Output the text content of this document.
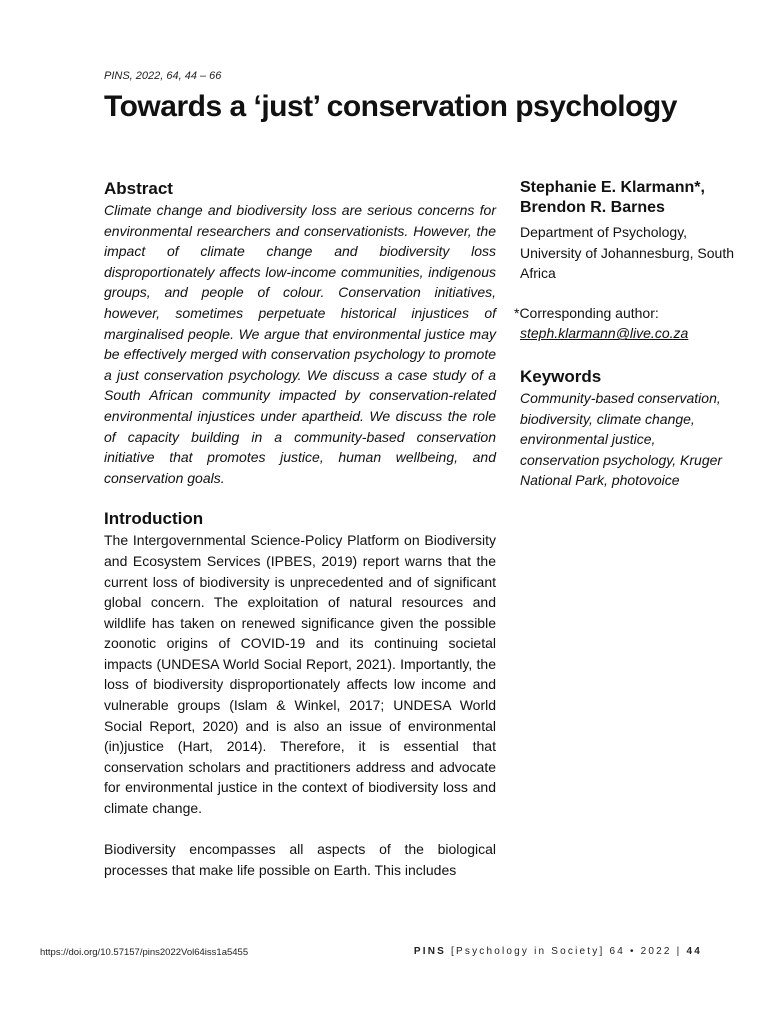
PINS, 2022, 64, 44 – 66
Towards a ‘just’ conservation psychology
Abstract

Climate change and biodiversity loss are serious concerns for environmental researchers and conservationists. However, the impact of climate change and biodiversity loss disproportionately affects low-income communities, indigenous groups, and people of colour. Conservation initiatives, however, sometimes perpetuate historical injustices of marginalised people. We argue that environmental justice may be effectively merged with conservation psychology to promote a just conservation psychology. We discuss a case study of a South African community impacted by conservation-related environmental injustices under apartheid. We discuss the role of capacity building in a community-based conservation initiative that promotes justice, human wellbeing, and conservation goals.

Introduction

The Intergovernmental Science-Policy Platform on Biodiversity and Ecosystem Services (IPBES, 2019) report warns that the current loss of biodiversity is unprecedented and of significant global concern. The exploitation of natural resources and wildlife has taken on renewed significance given the possible zoonotic origins of COVID-19 and its continuing societal impacts (UNDESA World Social Report, 2021). Importantly, the loss of biodiversity disproportionately affects low income and vulnerable groups (Islam & Winkel, 2017; UNDESA World Social Report, 2020) and is also an issue of environmental (in)justice (Hart, 2014). Therefore, it is essential that conservation scholars and practitioners address and advocate for environmental justice in the context of biodiversity loss and climate change.

Biodiversity encompasses all aspects of the biological processes that make life possible on Earth. This includes

Stephanie E. Klarmann*, Brendon R. Barnes

Department of Psychology, University of Johannesburg, South Africa

*Corresponding author:
steph.klarmann@live.co.za

Keywords

Community-based conservation, biodiversity, climate change, environmental justice, conservation psychology, Kruger National Park, photovoice

https://doi.org/10.57157/pins2022Vol64iss1a5455	PINS [Psychology in Society] 64 • 2022 | 44
